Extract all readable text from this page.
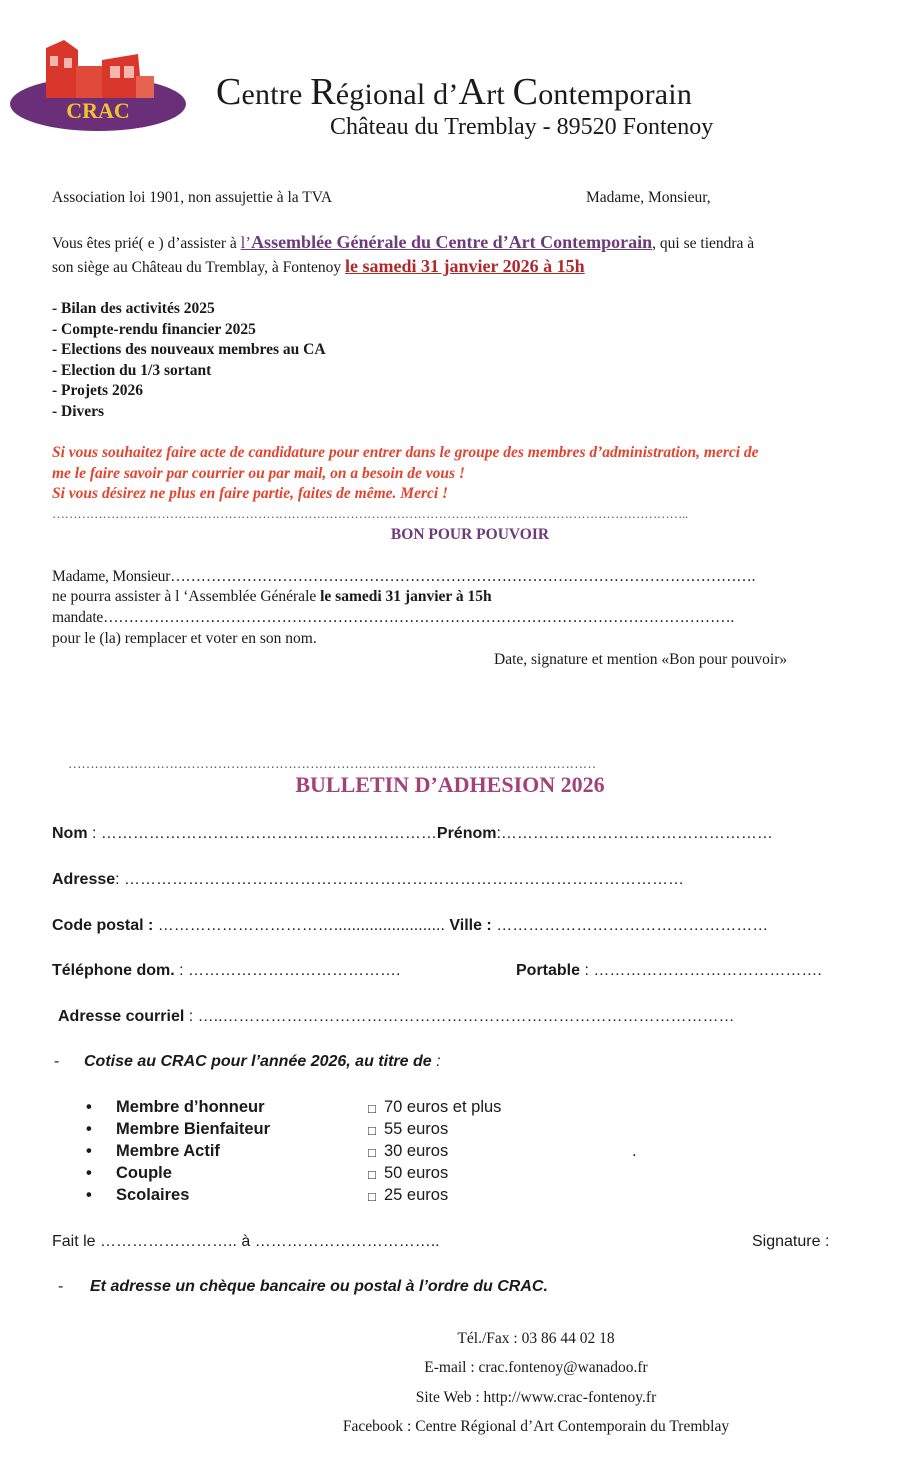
CRAC Centre Régional d’Art Contemporain
Château du Tremblay - 89520 Fontenoy
Association loi 1901, non assujettie à la TVA	Madame, Monsieur,
Vous êtes prié( e ) d’assister à l’Assemblée Générale du Centre d’Art Contemporain, qui se tiendra à
son siège au Château du Tremblay, à Fontenoy le samedi 31 janvier 2026 à 15h
- Bilan des activités 2025
- Compte-rendu financier 2025
- Elections des nouveaux membres au CA
- Election du 1/3 sortant
- Projets 2026
- Divers
Si vous souhaitez faire acte de candidature pour entrer dans le groupe des membres d’administration, merci de
me le faire savoir par courrier ou par mail, on a besoin de vous !
Si vous désirez ne plus en faire partie, faites de même. Merci !
……………………………………………………………………………………………………………………………………..
BON POUR POUVOIR
Madame, Monsieur…………………………………………………………………………………………………….
ne pourra assister à l ‘Assemblée Générale le samedi 31 janvier à 15h
mandate…………………………………………………………………………………………………………….
pour le (la) remplacer et voter en son nom.
Date, signature et mention «Bon pour pouvoir»
…………………………………………………………………………………………………………
BULLETIN D’ADHESION 2026
Nom : ………………………………………………………Prénom:……………………………………………
Adresse: ……………………………………………………………………………………………
Code postal : ……………………………......................... Ville : ……………………………………………
Téléphone dom. : ………………………………….	Portable : …………………………………….
Adresse courriel : …..……………………………………………………………………………………
- Cotise au CRAC pour l’année 2026, au titre de :
• Membre d’honneur	□ 70 euros et plus
• Membre Bienfaiteur	□ 55 euros
• Membre Actif	□ 30 euros	.
• Couple	□ 50 euros
• Scolaires	□ 25 euros
Fait le …………………….. à ……………………………..	Signature :
- Et adresse un chèque bancaire ou postal à l’ordre du CRAC.
Tél./Fax : 03 86 44 02 18
E-mail : crac.fontenoy@wanadoo.fr
Site Web : http://www.crac-fontenoy.fr
Facebook : Centre Régional d’Art Contemporain du Tremblay
